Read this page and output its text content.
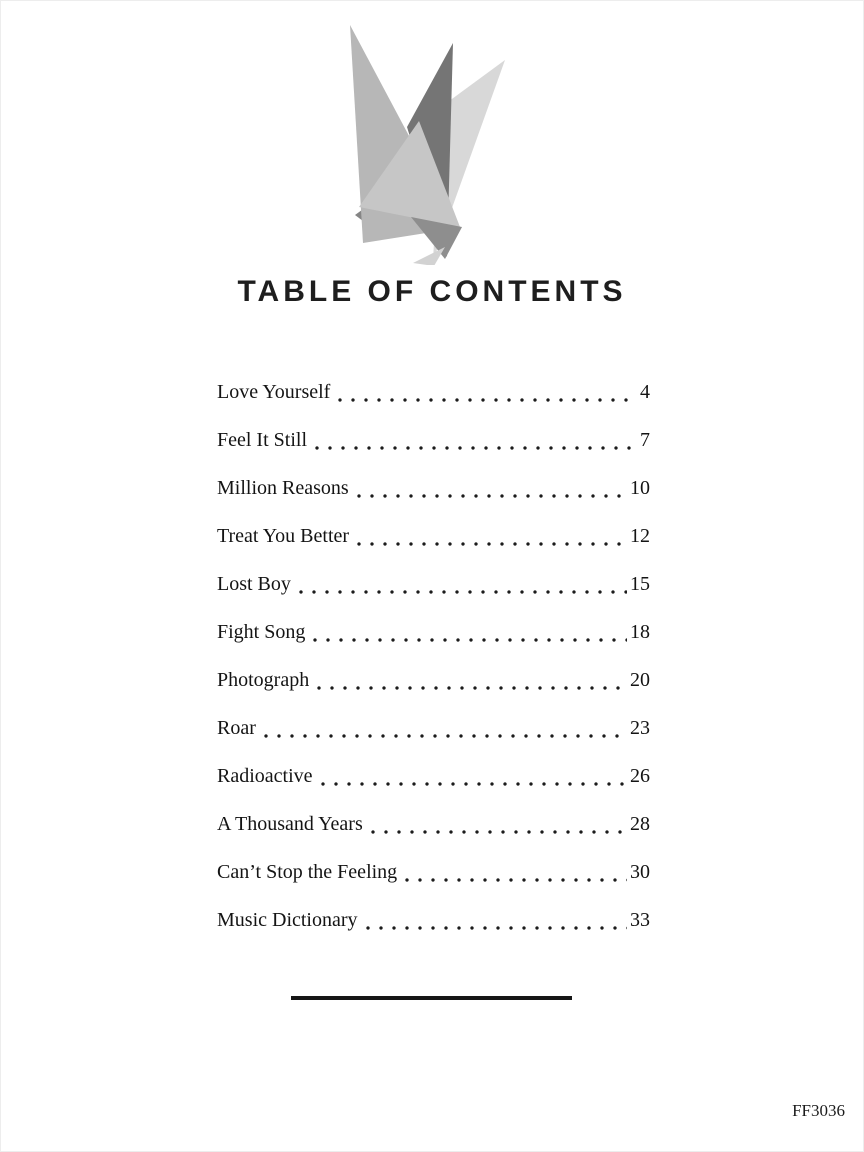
TABLE OF CONTENTS
Love Yourself	4
Feel It Still	7
Million Reasons	10
Treat You Better	12
Lost Boy	15
Fight Song	18
Photograph	20
Roar	23
Radioactive	26
A Thousand Years	28
Can’t Stop the Feeling	30
Music Dictionary	33
FF3036
